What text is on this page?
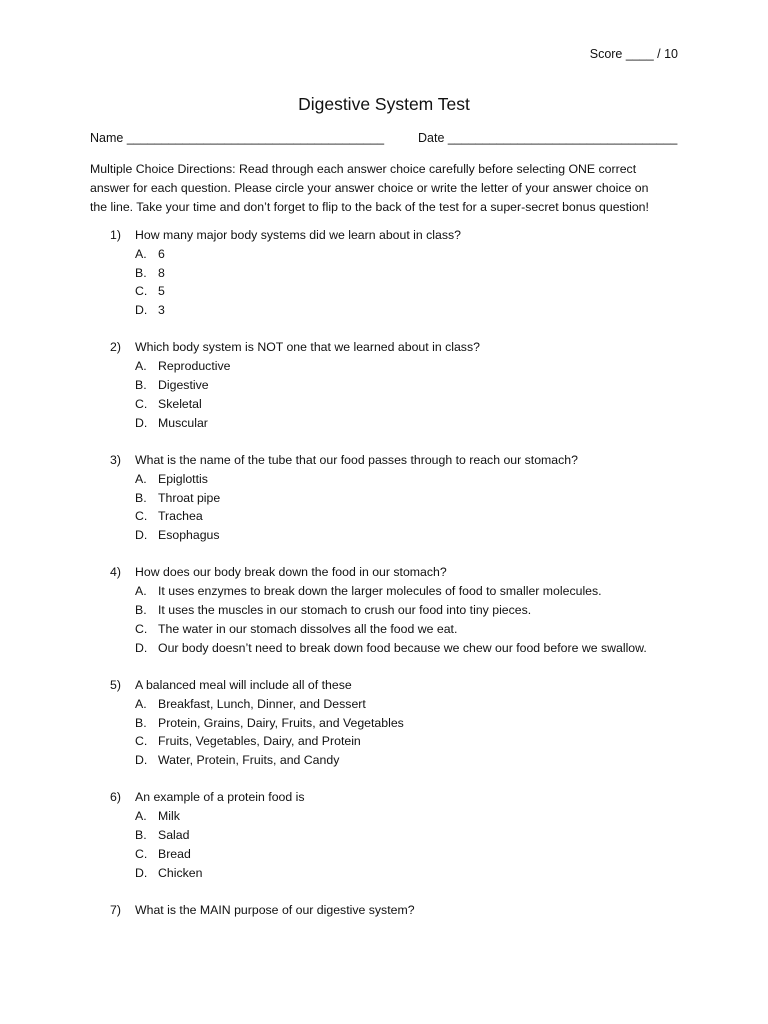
Score ____ / 10
Digestive System Test
Name _____________________________________	Date _________________________________
Multiple Choice Directions: Read through each answer choice carefully before selecting ONE correct
answer for each question. Please circle your answer choice or write the letter of your answer choice on
the line. Take your time and don’t forget to flip to the back of the test for a super-secret bonus question!
1) How many major body systems did we learn about in class?
A. 6
B. 8
C. 5
D. 3
2) Which body system is NOT one that we learned about in class?
A. Reproductive
B. Digestive
C. Skeletal
D. Muscular
3) What is the name of the tube that our food passes through to reach our stomach?
A. Epiglottis
B. Throat pipe
C. Trachea
D. Esophagus
4) How does our body break down the food in our stomach?
A. It uses enzymes to break down the larger molecules of food to smaller molecules.
B. It uses the muscles in our stomach to crush our food into tiny pieces.
C. The water in our stomach dissolves all the food we eat.
D. Our body doesn’t need to break down food because we chew our food before we swallow.
5) A balanced meal will include all of these
A. Breakfast, Lunch, Dinner, and Dessert
B. Protein, Grains, Dairy, Fruits, and Vegetables
C. Fruits, Vegetables, Dairy, and Protein
D. Water, Protein, Fruits, and Candy
6) An example of a protein food is
A. Milk
B. Salad
C. Bread
D. Chicken
7) What is the MAIN purpose of our digestive system?
